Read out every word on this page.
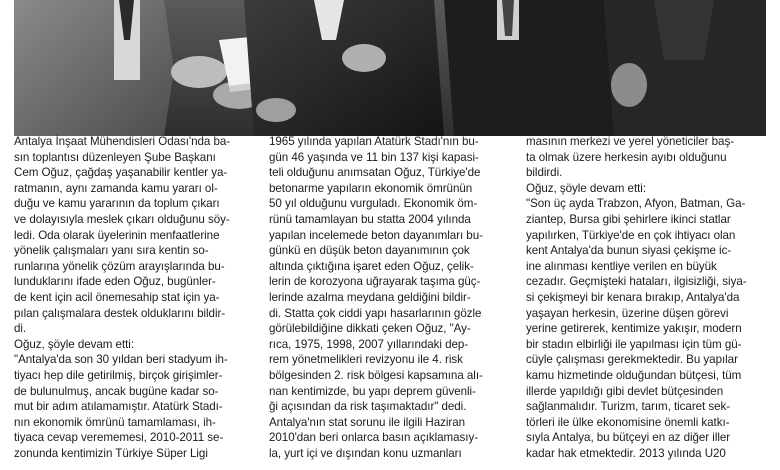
Antalya İnşaat Mühendisleri Odası'nda ba-
sın toplantısı düzenleyen Şube Başkanı
Cem Oğuz, çağdaş yaşanabilir kentler ya-
ratmanın, aynı zamanda kamu yararı ol-
duğu ve kamu yararının da toplum çıkarı
ve dolayısıyla meslek çıkarı olduğunu söy-
ledi. Oda olarak üyelerinin menfaatlerine
yönelik çalışmaları yanı sıra kentin so-
runlarına yönelik çözüm arayışlarında bu-
lunduklarını ifade eden Oğuz, bugünler-
de kent için acil önemesahip stat için ya-
pılan çalışmalara destek olduklarını bildir-
di.
Oğuz, şöyle devam etti:
"Antalya'da son 30 yıldan beri stadyum ih-
tiyacı hep dile getirilmiş, birçok girişimler-
de bulunulmuş, ancak bugüne kadar so-
mut bir adım atılamamıştır. Atatürk Stadı-
nın ekonomik ömrünü tamamlaması, ih-
tiyaca cevap verememesi, 2010-2011 se-
zonunda kentimizin Türkiye Süper Ligi
1965 yılında yapılan Atatürk Stadı'nın bu-
gün 46 yaşında ve 11 bin 137 kişi kapasi-
teli olduğunu anımsatan Oğuz, Türkiye'de
betonarme yapıların ekonomik ömrünün
50 yıl olduğunu vurguladı. Ekonomik öm-
rünü tamamlayan bu statta 2004 yılında
yapılan incelemede beton dayanımları bu-
günkü en düşük beton dayanımının çok
altında çıktığına işaret eden Oğuz, çelik-
lerin de korozyona uğrayarak taşıma güç-
lerinde azalma meydana geldiğini bildir-
di. Statta çok ciddi yapı hasarlarının gözle
görülebildiğine dikkati çeken Oğuz, "Ay-
rıca, 1975, 1998, 2007 yıllarındaki dep-
rem yönetmelikleri revizyonu ile 4. risk
bölgesinden 2. risk bölgesi kapsamına alı-
nan kentimizde, bu yapı deprem güvenli-
ği açısından da risk taşımaktadır" dedi.
Antalya'nın stat sorunu ile ilgili Haziran
2010'dan beri onlarca basın açıklamasıy-
la, yurt içi ve dışından konu uzmanları
masının merkezi ve yerel yöneticiler baş-
ta olmak üzere herkesin ayıbı olduğunu
bildirdi.
Oğuz, şöyle devam etti:
"Son üç ayda Trabzon, Afyon, Batman, Ga-
ziantep, Bursa gibi şehirlere ikinci statlar
yapılırken, Türkiye'de en çok ihtiyacı olan
kent Antalya'da bunun siyasi çekişme ic-
ine alınması kentliye verilen en büyük
cezadır. Geçmişteki hataları, ilgisizliği, siya-
si çekişmeyi bir kenara bırakıp, Antalya'da
yaşayan herkesin, üzerine düşen görevi
yerine getirerek, kentimize yakışır, modern
bir stadın elbirliği ile yapılması için tüm gü-
cüyle çalışması gerekmektedir. Bu yapılar
kamu hizmetinde olduğundan bütçesi, tüm
illerde yapıldığı gibi devlet bütçesinden
sağlanmalıdır. Turizm, tarım, ticaret sek-
törleri ile ülke ekonomisine önemli katkı-
sıyla Antalya, bu bütçeyi en az diğer iller
kadar hak etmektedir. 2013 yılında U20
